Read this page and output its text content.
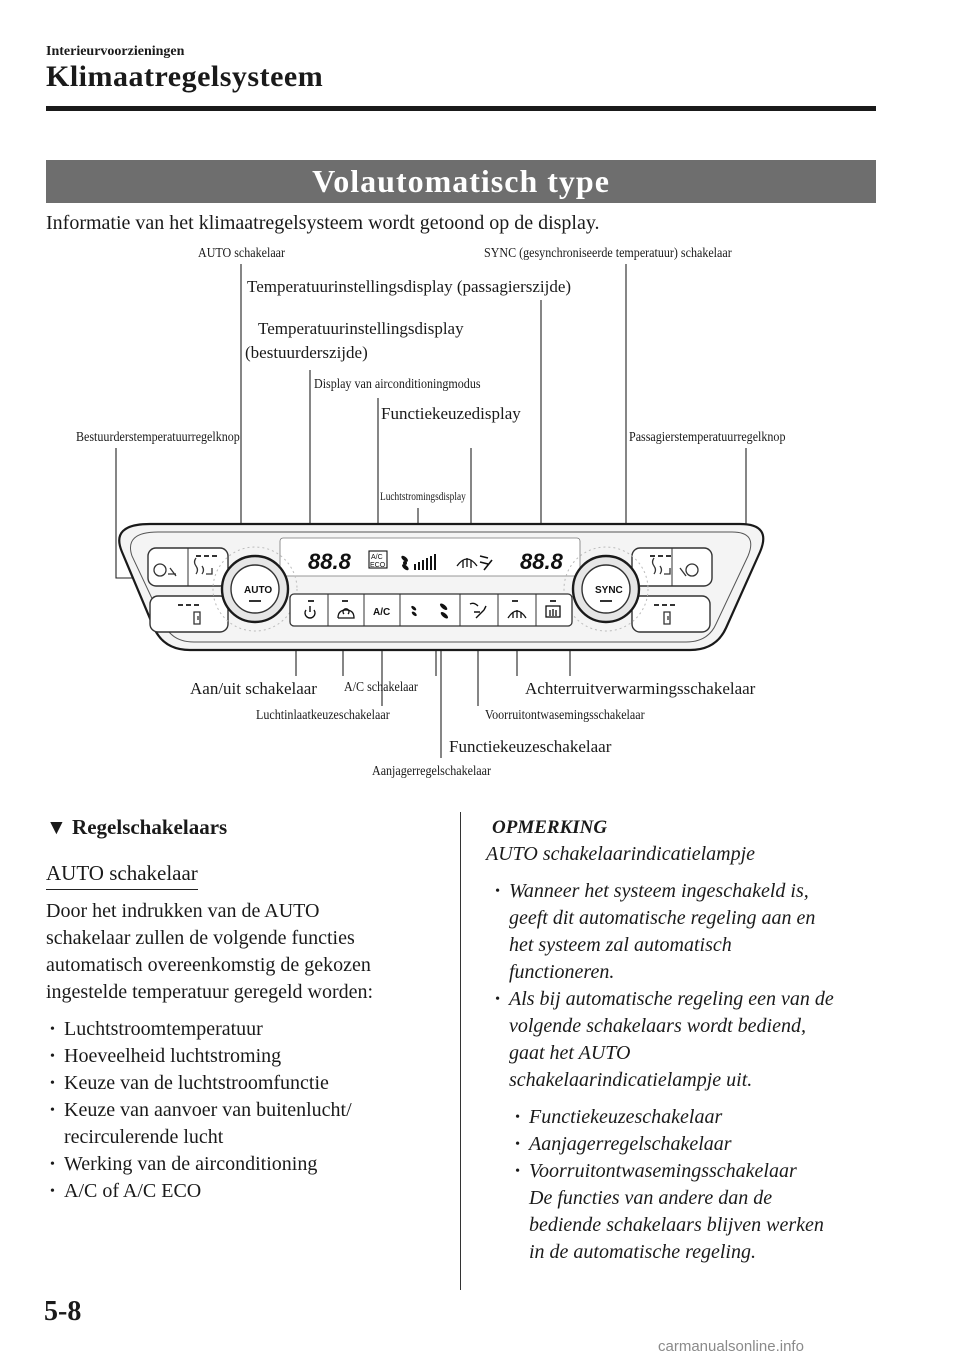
Interieurvoorzieningen
Klimaatregelsysteem
Volautomatisch type
Informatie van het klimaatregelsysteem wordt getoond op de display.
88.8	A/C
ECO	88.8
AUTO	SYNC
A/C
AUTO schakelaar	SYNC (gesynchroniseerde temperatuur) schakelaar
Temperatuurinstellingsdisplay (passagierszijde)
Temperatuurinstellingsdisplay
(bestuurderszijde)
Display van airconditioningmodus
Functiekeuzedisplay
Bestuurderstemperatuurregelknop	Passagierstemperatuurregelknop
Luchtstromingsdisplay
Aan/uit schakelaar A/C schakelaar	Achterruitverwarmingsschakelaar
Luchtinlaatkeuzeschakelaar	Voorruitontwasemingsschakelaar
Functiekeuzeschakelaar
Aanjagerregelschakelaar
▼ Regelschakelaars
AUTO schakelaar
Door het indrukken van de AUTO
schakelaar zullen de volgende functies
automatisch overeenkomstig de gekozen
ingestelde temperatuur geregeld worden:
• Luchtstroomtemperatuur
• Hoeveelheid luchtstroming
• Keuze van de luchtstroomfunctie
• Keuze van aanvoer van buitenlucht/
recirculerende lucht
• Werking van de airconditioning
• A/C of A/C ECO
OPMERKING
AUTO schakelaarindicatielampje
• Wanneer het systeem ingeschakeld is,
geeft dit automatische regeling aan en
het systeem zal automatisch
functioneren.
• Als bij automatische regeling een van de
volgende schakelaars wordt bediend,
gaat het AUTO
schakelaarindicatielampje uit.
• Functiekeuzeschakelaar
• Aanjagerregelschakelaar
• Voorruitontwasemingsschakelaar
De functies van andere dan de
bediende schakelaars blijven werken
in de automatische regeling.
5-8
carmanualsonline.info
